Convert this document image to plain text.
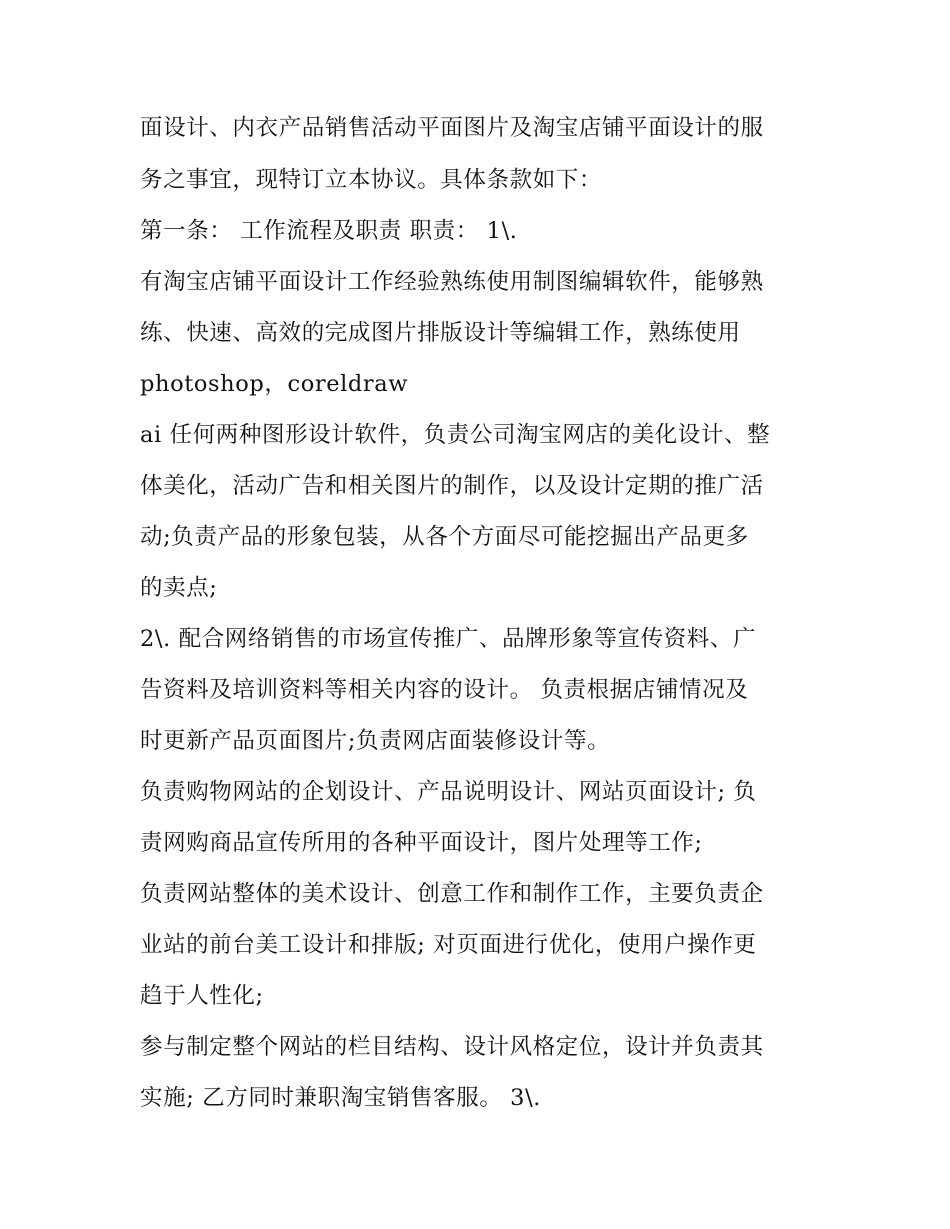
面设计、内衣产品销售活动平面图片及淘宝店铺平面设计的服
务之事宜，现特订立本协议。具体条款如下：
第一条： 工作流程及职责 职责： 1\.
有淘宝店铺平面设计工作经验熟练使用制图编辑软件，能够熟
练、快速、高效的完成图片排版设计等编辑工作，熟练使用
photoshop，coreldraw
ai 任何两种图形设计软件，负责公司淘宝网店的美化设计、整
体美化，活动广告和相关图片的制作，以及设计定期的推广活
动;负责产品的形象包装，从各个方面尽可能挖掘出产品更多
的卖点;
2\. 配合网络销售的市场宣传推广、品牌形象等宣传资料、广
告资料及培训资料等相关内容的设计。 负责根据店铺情况及
时更新产品页面图片;负责网店面装修设计等。
负责购物网站的企划设计、产品说明设计、网站页面设计; 负
责网购商品宣传所用的各种平面设计，图片处理等工作;
负责网站整体的美术设计、创意工作和制作工作，主要负责企
业站的前台美工设计和排版; 对页面进行优化，使用户操作更
趋于人性化;
参与制定整个网站的栏目结构、设计风格定位，设计并负责其
实施; 乙方同时兼职淘宝销售客服。 3\.
